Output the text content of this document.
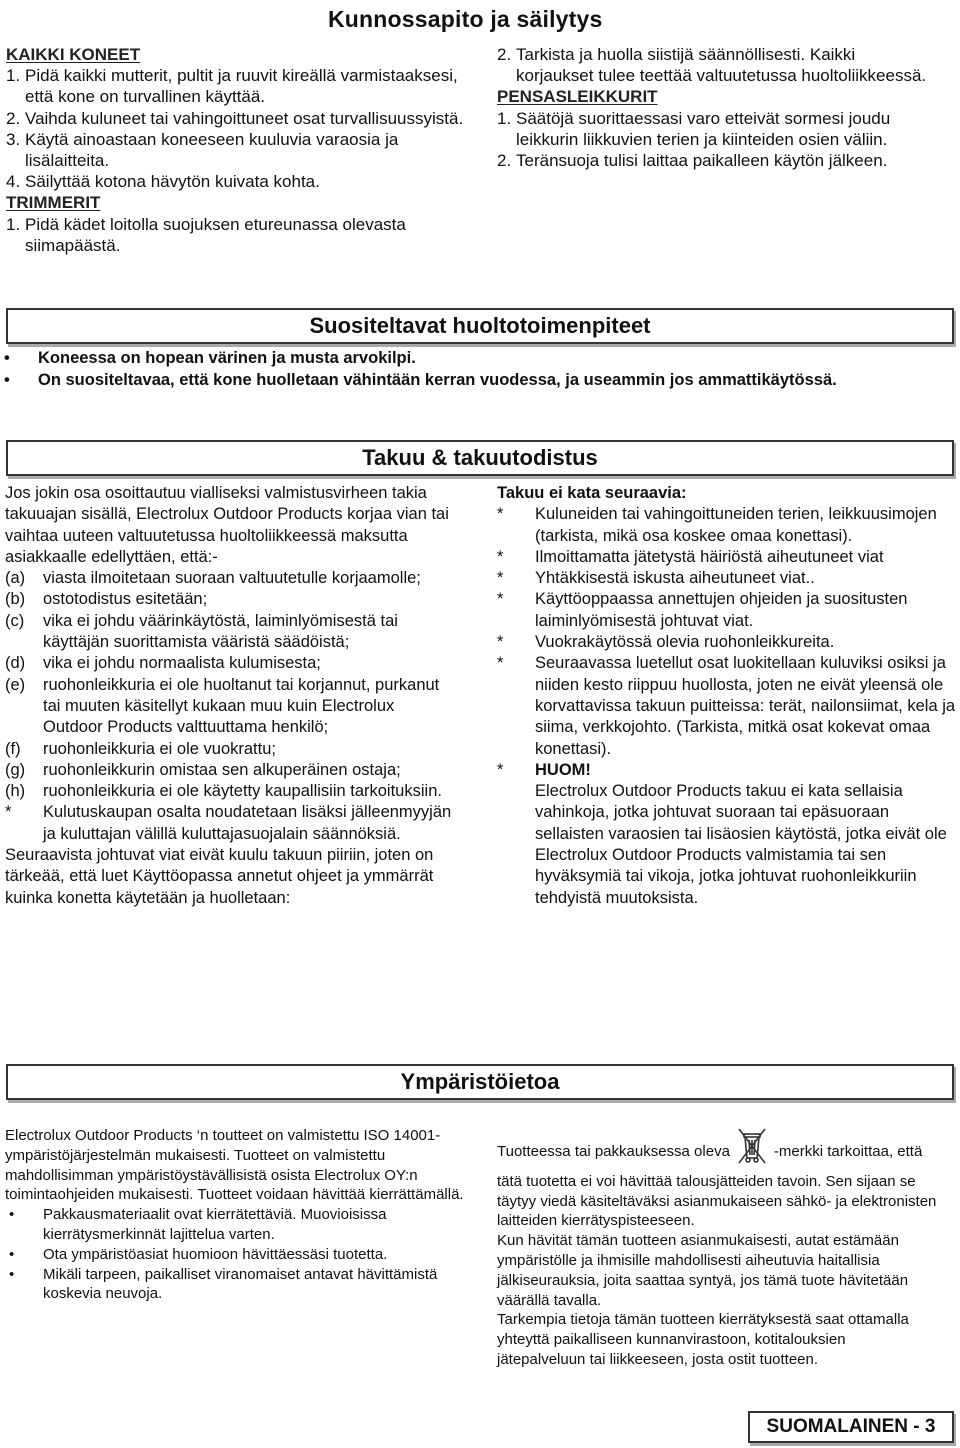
Kunnossapito ja säilytys
KAIKKI KONEET
1. Pidä kaikki mutterit, pultit ja ruuvit kireällä varmistaaksesi, että kone on turvallinen käyttää.
2. Vaihda kuluneet tai vahingoittuneet osat turvallisuussyistä.
3. Käytä ainoastaan koneeseen kuuluvia varaosia ja lisälaitteita.
4. Säilyttää kotona hävytön kuivata kohta.
TRIMMERIT
1. Pidä kädet loitolla suojuksen etureunassa olevasta siimapäästä.
2. Tarkista ja huolla siistijä säännöllisesti. Kaikki korjaukset tulee teettää valtuutetussa huoltoliikkeessä.
PENSASLEIKKURIT
1. Säätöjä suorittaessasi varo etteivät sormesi joudu leikkurin liikkuvien terien ja kiinteiden osien väliin.
2. Teränsuoja tulisi laittaa paikalleen käytön jälkeen.
Suositeltavat huoltotoimenpiteet
•	Koneessa on hopean värinen ja musta arvokilpi.
•	On suositeltavaa, että kone huolletaan vähintään kerran vuodessa, ja useammin jos ammattikäytössä.
Takuu & takuutodistus

Jos jokin osa osoittautuu vialliseksi valmistusvirheen takia takuuajan sisällä, Electrolux Outdoor Products korjaa vian tai vaihtaa uuteen valtuutetussa huoltoliikkeessä maksutta asiakkaalle edellyttäen, että:-

(a)	viasta ilmoitetaan suoraan valtuutetulle korjaamolle;
(b)	ostotodistus esitetään;
(c)	vika ei johdu väärinkäytöstä, laiminlyömisestä tai käyttäjän suorittamista vääristä säädöistä;
(d)	vika ei johdu normaalista kulumisesta;
(e)	ruohonleikkuria ei ole huoltanut tai korjannut, purkanut tai muuten käsitellyt kukaan muu kuin Electrolux Outdoor Products valttuuttama henkilö;
(f)	ruohonleikkuria ei ole vuokrattu;
(g)	ruohonleikkurin omistaa sen alkuperäinen ostaja;
(h)	ruohonleikkuria ei ole käytetty kaupallisiin tarkoituksiin.
*	Kulutuskaupan osalta noudatetaan lisäksi jälleenmyyjän ja kuluttajan välillä kuluttajasuojalain säännöksiä.

Seuraavista johtuvat viat eivät kuulu takuun piiriin, joten on tärkeää, että luet Käyttöopassa annetut ohjeet ja ymmärrät kuinka konetta käytetään ja huolletaan:

Takuu ei kata seuraavia:
*	Kuluneiden tai vahingoittuneiden terien, leikkuusimojen (tarkista, mikä osa koskee omaa konettasi).
*	Ilmoittamatta jätetystä häiriöstä aiheutuneet viat
*	Yhtäkkisestä iskusta aiheutuneet viat..
*	Käyttöoppaassa annettujen ohjeiden ja suositusten laiminlyömisestä johtuvat viat.
*	Vuokrakäytössä olevia ruohonleikkureita.
*	Seuraavassa luetellut osat luokitellaan kuluviksi osiksi ja niiden kesto riippuu huollosta, joten ne eivät yleensä ole korvattavissa takuun puitteissa: terät, nailonsiimat, kela ja siima, verkkojohto. (Tarkista, mitkä osat kokevat omaa konettasi).
*	HUOM!
Electrolux Outdoor Products takuu ei kata sellaisia vahinkoja, jotka johtuvat suoraan tai epäsuoraan sellaisten varaosien tai lisäosien käytöstä, jotka eivät ole Electrolux Outdoor Products valmistamia tai sen hyväksymiä tai vikoja, jotka johtuvat ruohonleikkuriin tehdyistä muutoksista.
Ympäristöietoa

Electrolux Outdoor Products ‘n toutteet on valmistettu ISO 14001-ympäristöjärjestelmän mukaisesti. Tuotteet on valmistettu mahdollisimman ympäristöystävällisistä osista Electrolux OY:n toimintaohjeiden mukaisesti. Tuotteet voidaan hävittää kierrättämällä.

•	Pakkausmateriaalit ovat kierrätettäviä. Muovioisissa kierrätysmerkinnät lajittelua varten.
•	Ota ympäristöasiat huomioon hävittäessäsi tuotetta.
•	Mikäli tarpeen, paikalliset viranomaiset antavat hävittämistä koskevia neuvoja.

Tuotteessa tai pakkauksessa oleva	-merkki tarkoittaa, että tätä tuotetta ei voi hävittää talousjätteiden tavoin. Sen sijaan se täytyy viedä käsiteltäväksi asianmukaiseen sähkö- ja elektronisten laitteiden kierrätyspisteeseen.

Kun hävität tämän tuotteen asianmukaisesti, autat estämään ympäristölle ja ihmisille mahdollisesti aiheutuvia haitallisia jälkiseurauksia, joita saattaa syntyä, jos tämä tuote hävitetään väärällä tavalla.

Tarkempia tietoja tämän tuotteen kierrätyksestä saat ottamalla yhteyttä paikalliseen kunnanvirastoon, kotitalouksien jätepalveluun tai liikkeeseen, josta ostit tuotteen.

SUOMALAINEN - 3
